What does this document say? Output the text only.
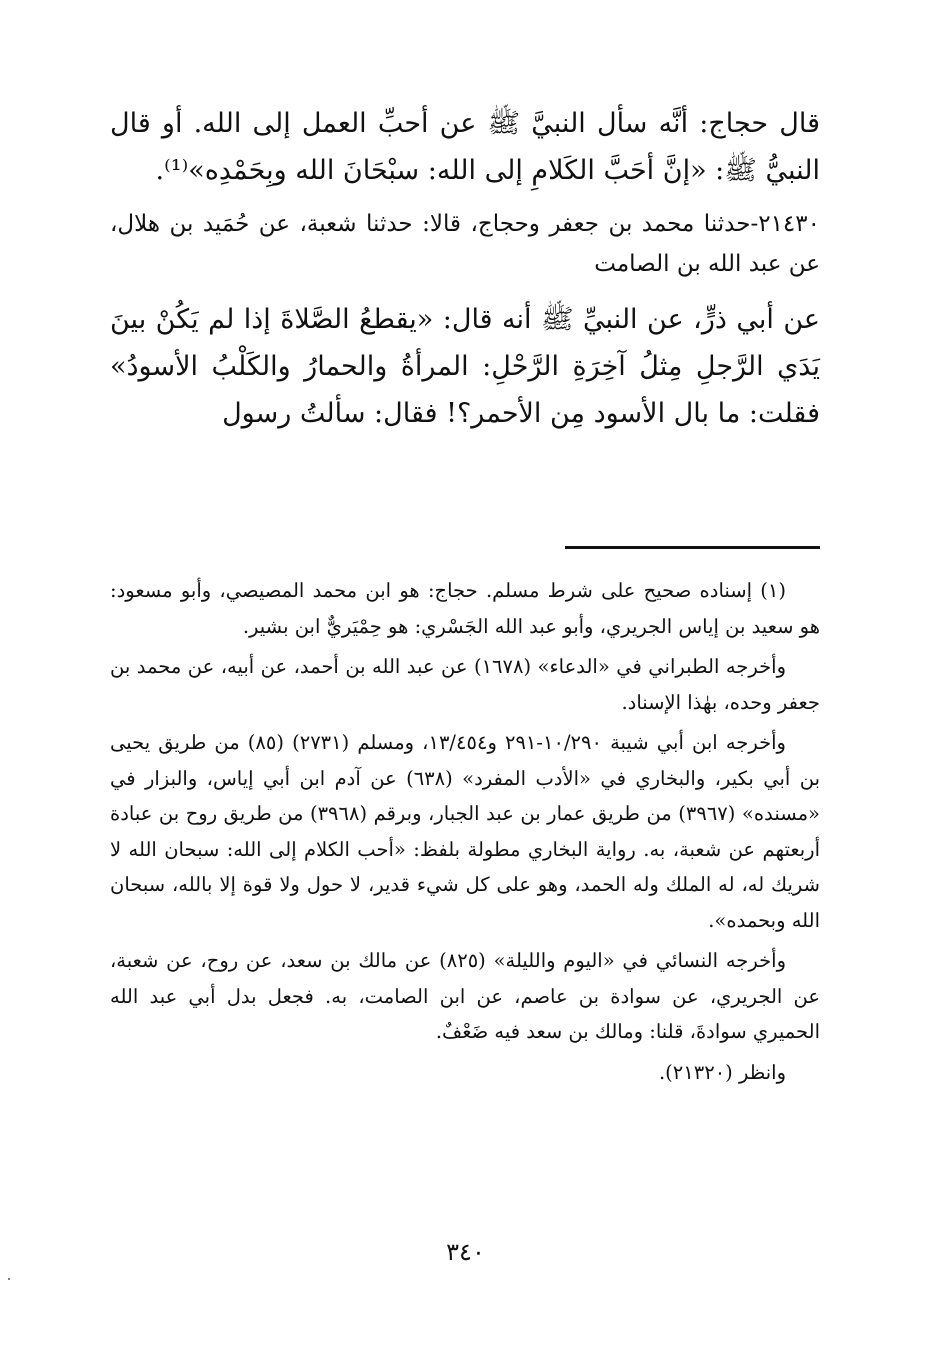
قال حجاج: أنَّه سأل النبيَّ ﷺ عن أحبِّ العمل إلى الله. أو قال النبيُّ ﷺ: «إنَّ أحَبَّ الكَلامِ إلى الله: سبْحَانَ الله وبِحَمْدِه»⁽¹⁾.

٢١٤٣٠-حدثنا محمد بن جعفر وحجاج، قالا: حدثنا شعبة، عن حُمَيد بن هلال، عن عبد الله بن الصامت

عن أبي ذرٍّ، عن النبيِّ ﷺ أنه قال: «يقطعُ الصَّلاةَ إذا لم يَكُنْ بينَ يَدَي الرَّجلِ مِثلُ آخِرَةِ الرَّحْلِ: المرأةُ والحمارُ والكَلْبُ الأسودُ» فقلت: ما بال الأسود مِن الأحمر؟! فقال: سألتُ رسول

(١) إسناده صحيح على شرط مسلم. حجاج: هو ابن محمد المصيصي، وأبو مسعود: هو سعيد بن إياس الجريري، وأبو عبد الله الجَسْري: هو حِمْيَريٌّ ابن بشير.

وأخرجه الطبراني في «الدعاء» (١٦٧٨) عن عبد الله بن أحمد، عن أبيه، عن محمد بن جعفر وحده، بهٰذا الإسناد.

وأخرجه ابن أبي شيبة ١٠/٢٩٠-٢٩١ و١٣/٤٥٤، ومسلم (٢٧٣١) (٨٥) من طريق يحيى بن أبي بكير، والبخاري في «الأدب المفرد» (٦٣٨) عن آدم ابن أبي إياس، والبزار في «مسنده» (٣٩٦٧) من طريق عمار بن عبد الجبار، وبرقم (٣٩٦٨) من طريق روح بن عبادة أربعتهم عن شعبة، به. رواية البخاري مطولة بلفظ: «أحب الكلام إلى الله: سبحان الله لا شريك له، له الملك وله الحمد، وهو على كل شيء قدير، لا حول ولا قوة إلا بالله، سبحان الله وبحمده».

وأخرجه النسائي في «اليوم والليلة» (٨٢٥) عن مالك بن سعد، عن روح، عن شعبة، عن الجريري، عن سوادة بن عاصم، عن ابن الصامت، به. فجعل بدل أبي عبد الله الحميري سوادةَ، قلنا: ومالك بن سعد فيه ضَعْفٌ.

وانظر (٢١٣٢٠).

٣٤٠
